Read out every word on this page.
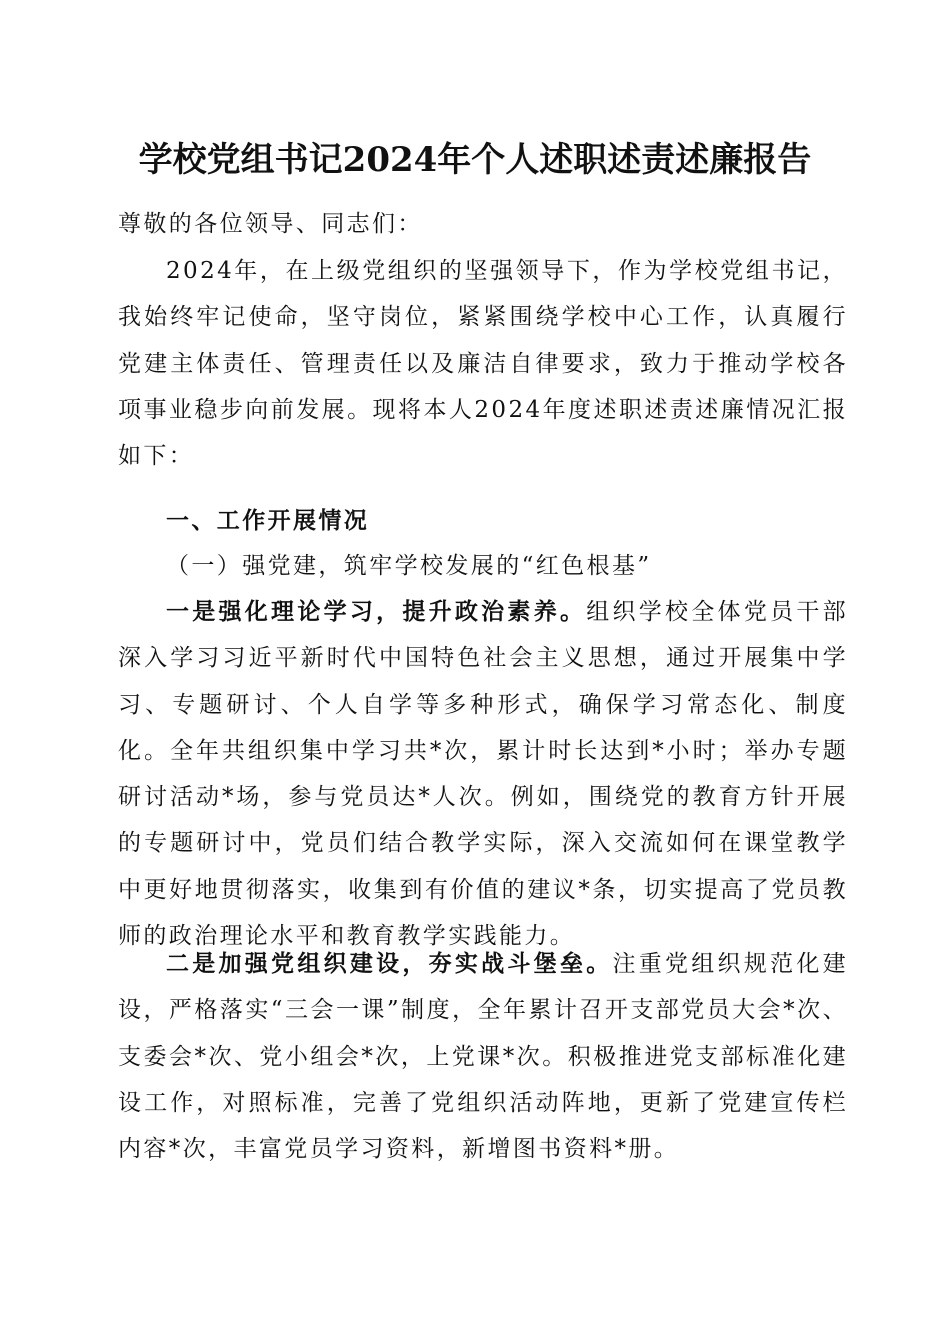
学校党组书记2024年个人述职述责述廉报告
尊敬的各位领导、同志们：
2024年，在上级党组织的坚强领导下，作为学校党组书记，我始终牢记使命，坚守岗位，紧紧围绕学校中心工作，认真履行党建主体责任、管理责任以及廉洁自律要求，致力于推动学校各项事业稳步向前发展。现将本人2024年度述职述责述廉情况汇报如下：
一、工作开展情况
（一）强党建，筑牢学校发展的“红色根基”
一是强化理论学习，提升政治素养。组织学校全体党员干部深入学习习近平新时代中国特色社会主义思想，通过开展集中学习、专题研讨、个人自学等多种形式，确保学习常态化、制度化。全年共组织集中学习共*次，累计时长达到*小时；举办专题研讨活动*场，参与党员达*人次。例如，围绕党的教育方针开展的专题研讨中，党员们结合教学实际，深入交流如何在课堂教学中更好地贯彻落实，收集到有价值的建议*条，切实提高了党员教师的政治理论水平和教育教学实践能力。
二是加强党组织建设，夯实战斗堡垒。注重党组织规范化建设，严格落实“三会一课”制度，全年累计召开支部党员大会*次、支委会*次、党小组会*次，上党课*次。积极推进党支部标准化建设工作，对照标准，完善了党组织活动阵地，更新了党建宣传栏内容*次，丰富党员学习资料，新增图书资料*册。
